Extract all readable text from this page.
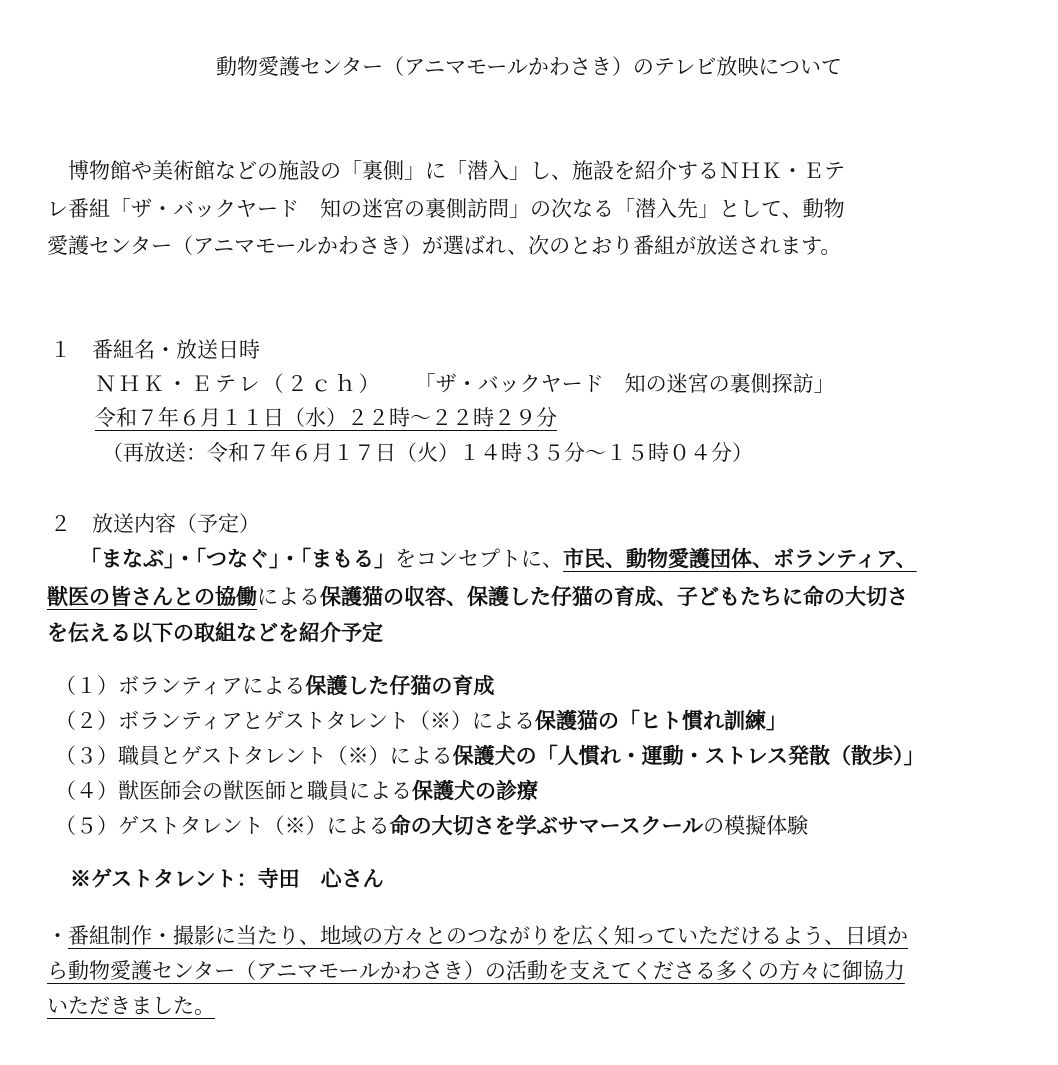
動物愛護センター（アニマモールかわさき）のテレビ放映について
　博物館や美術館などの施設の「裏側」に「潜入」し、施設を紹介するＮＨＫ・Ｅテ
レ番組「ザ・バックヤード　知の迷宮の裏側訪問」の次なる「潜入先」として、動物
愛護センター（アニマモールかわさき）が選ばれ、次のとおり番組が放送されます。
１　番組名・放送日時
ＮＨＫ・Ｅテレ（２ｃｈ） 「ザ・バックヤード　知の迷宮の裏側探訪」
令和７年６月１１日（水）２２時～２２時２９分
（再放送：令和７年６月１７日（火）１４時３５分～１５時０４分）
２　放送内容（予定）
「まなぶ」・「つなぐ」・「まもる」をコンセプトに、市民、動物愛護団体、ボランティア、
獣医の皆さんとの協働による保護猫の収容、保護した仔猫の育成、子どもたちに命の大切さ
を伝える以下の取組などを紹介予定
（１）ボランティアによる保護した仔猫の育成
（２）ボランティアとゲストタレント（※）による保護猫の「ヒト慣れ訓練」
（３）職員とゲストタレント（※）による保護犬の「人慣れ・運動・ストレス発散（散歩）」
（４）獣医師会の獣医師と職員による保護犬の診療
（５）ゲストタレント（※）による命の大切さを学ぶサマースクールの模擬体験
※ゲストタレント：寺田　心さん
・番組制作・撮影に当たり、地域の方々とのつながりを広く知っていただけるよう、日頃か
ら動物愛護センター（アニマモールかわさき）の活動を支えてくださる多くの方々に御協力
いただきました。
